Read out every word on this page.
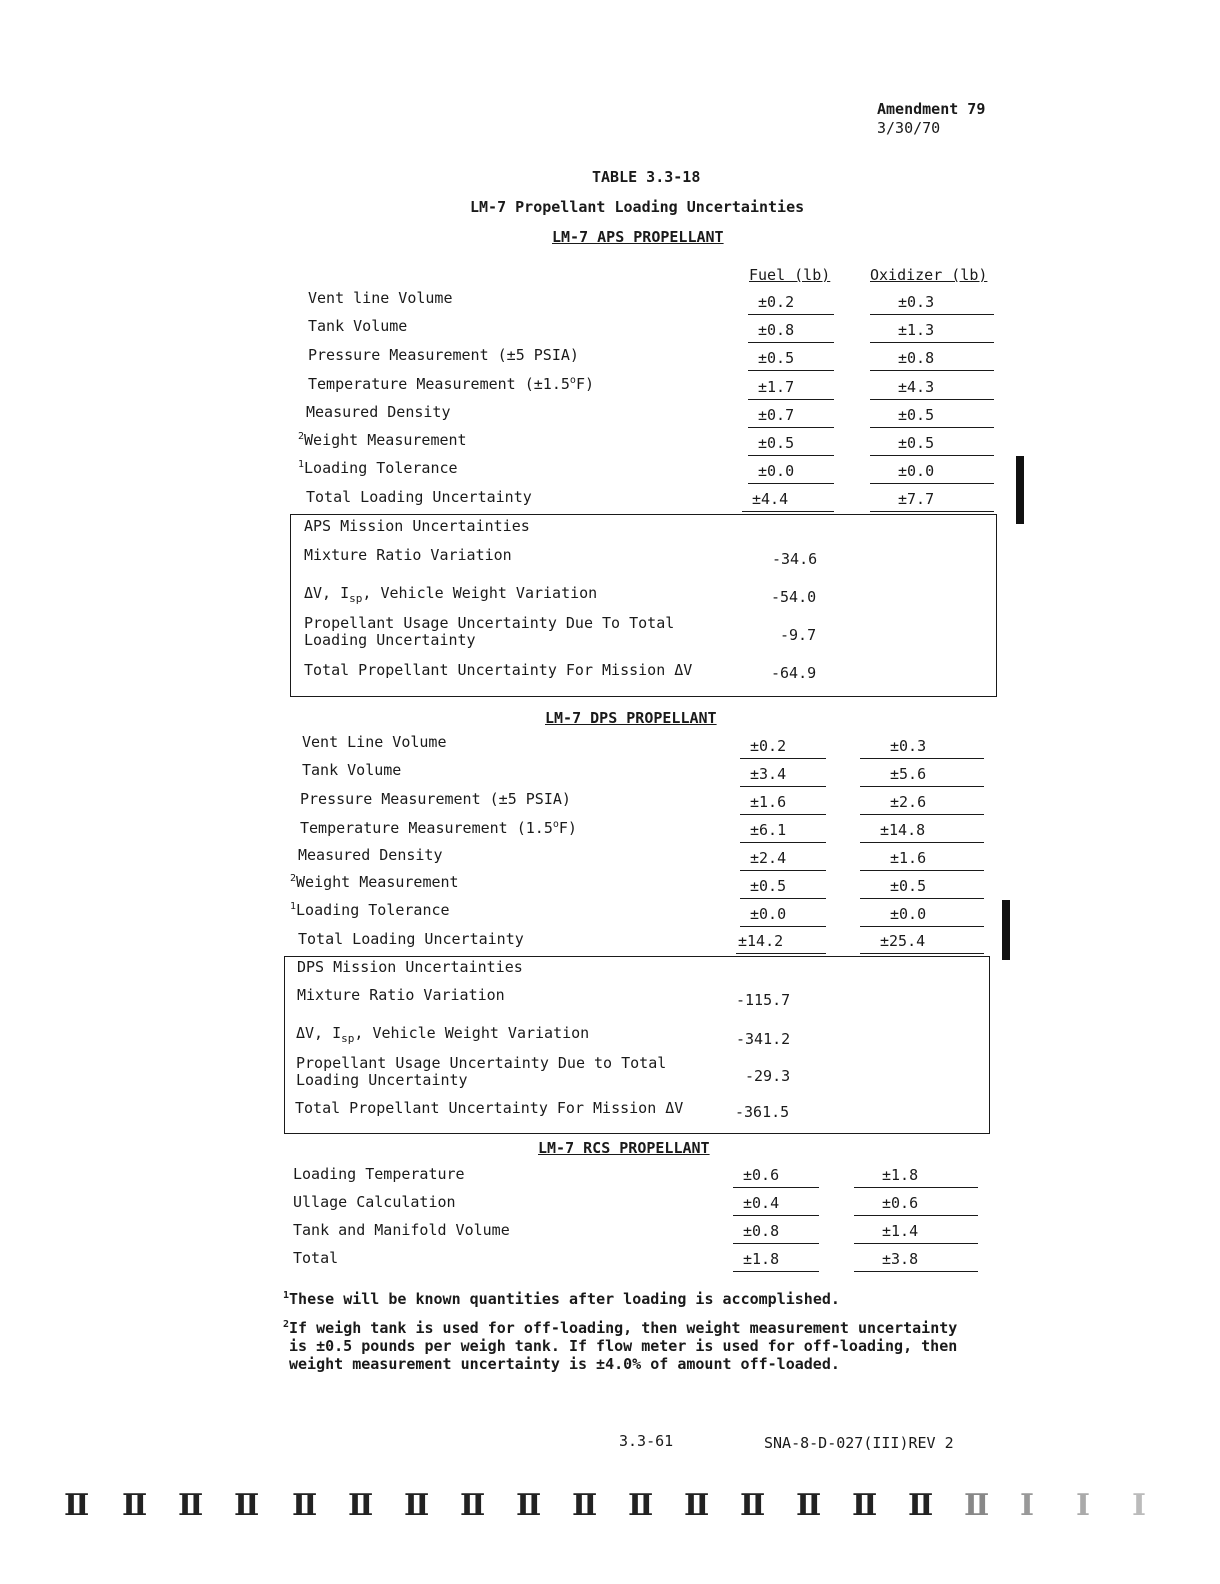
Amendment 79
3/30/70
TABLE 3.3-18
LM-7 Propellant Loading Uncertainties
LM-7 APS PROPELLANT
Fuel (lb)	Oxidizer (lb)
Vent line Volume	±0.2	±0.3
Tank Volume	±0.8	±1.3
Pressure Measurement (±5 PSIA)	±0.5	±0.8
Temperature Measurement $(\pm 1.5^oF)$	±1.7	±4.3
Measured Density	±0.7	±0.5
$^2$Weight Measurement	±0.5	±0.5
$^1$Loading Tolerance	±0.0	±0.0
Total Loading Uncertainty	±4.4	±7.7
APS Mission Uncertainties
Mixture Ratio Variation	-34.6
ΔV, $I_{sp}$, Vehicle Weight Variation	-54.0
Propellant Usage Uncertainty Due To Total
Loading Uncertainty	-9.7
Total Propellant Uncertainty For Mission ΔV	-64.9
LM-7 DPS PROPELLANT
Vent Line Volume	±0.2	±0.3
Tank Volume	±3.4	±5.6
Pressure Measurement (±5 PSIA)	±1.6	±2.6
Temperature Measurement $(1.5^oF)$	±6.1	±14.8
Measured Density	±2.4	±1.6
$^2$Weight Measurement	±0.5	±0.5
$^1$Loading Tolerance	±0.0	±0.0
Total Loading Uncertainty	±14.2	±25.4
DPS Mission Uncertainties
Mixture Ratio Variation	-115.7
ΔV, $I_{sp}$, Vehicle Weight Variation	-341.2
Propellant Usage Uncertainty Due to Total
Loading Uncertainty	-29.3
Total Propellant Uncertainty For Mission ΔV	-361.5
LM-7 RCS PROPELLANT
Loading Temperature	±0.6	±1.8
Ullage Calculation	±0.4	±0.6
Tank and Manifold Volume	±0.8	±1.4
Total	±1.8	±3.8
$^1$These will be known quantities after loading is accomplished.
$^2$If weigh tank is used for off-loading, then weight measurement uncertainty
is ±0.5 pounds per weigh tank. If flow meter is used for off-loading, then
weight measurement uncertainty is ±4.0% of amount off-loaded.
3.3-61	SNA-8-D-027(III)REV 2
Ⅱ Ⅱ Ⅱ Ⅱ Ⅱ Ⅱ Ⅱ Ⅱ Ⅱ Ⅱ Ⅱ Ⅱ Ⅱ Ⅱ Ⅱ Ⅱ Ⅱ Ⅰ Ⅰ Ⅰ
